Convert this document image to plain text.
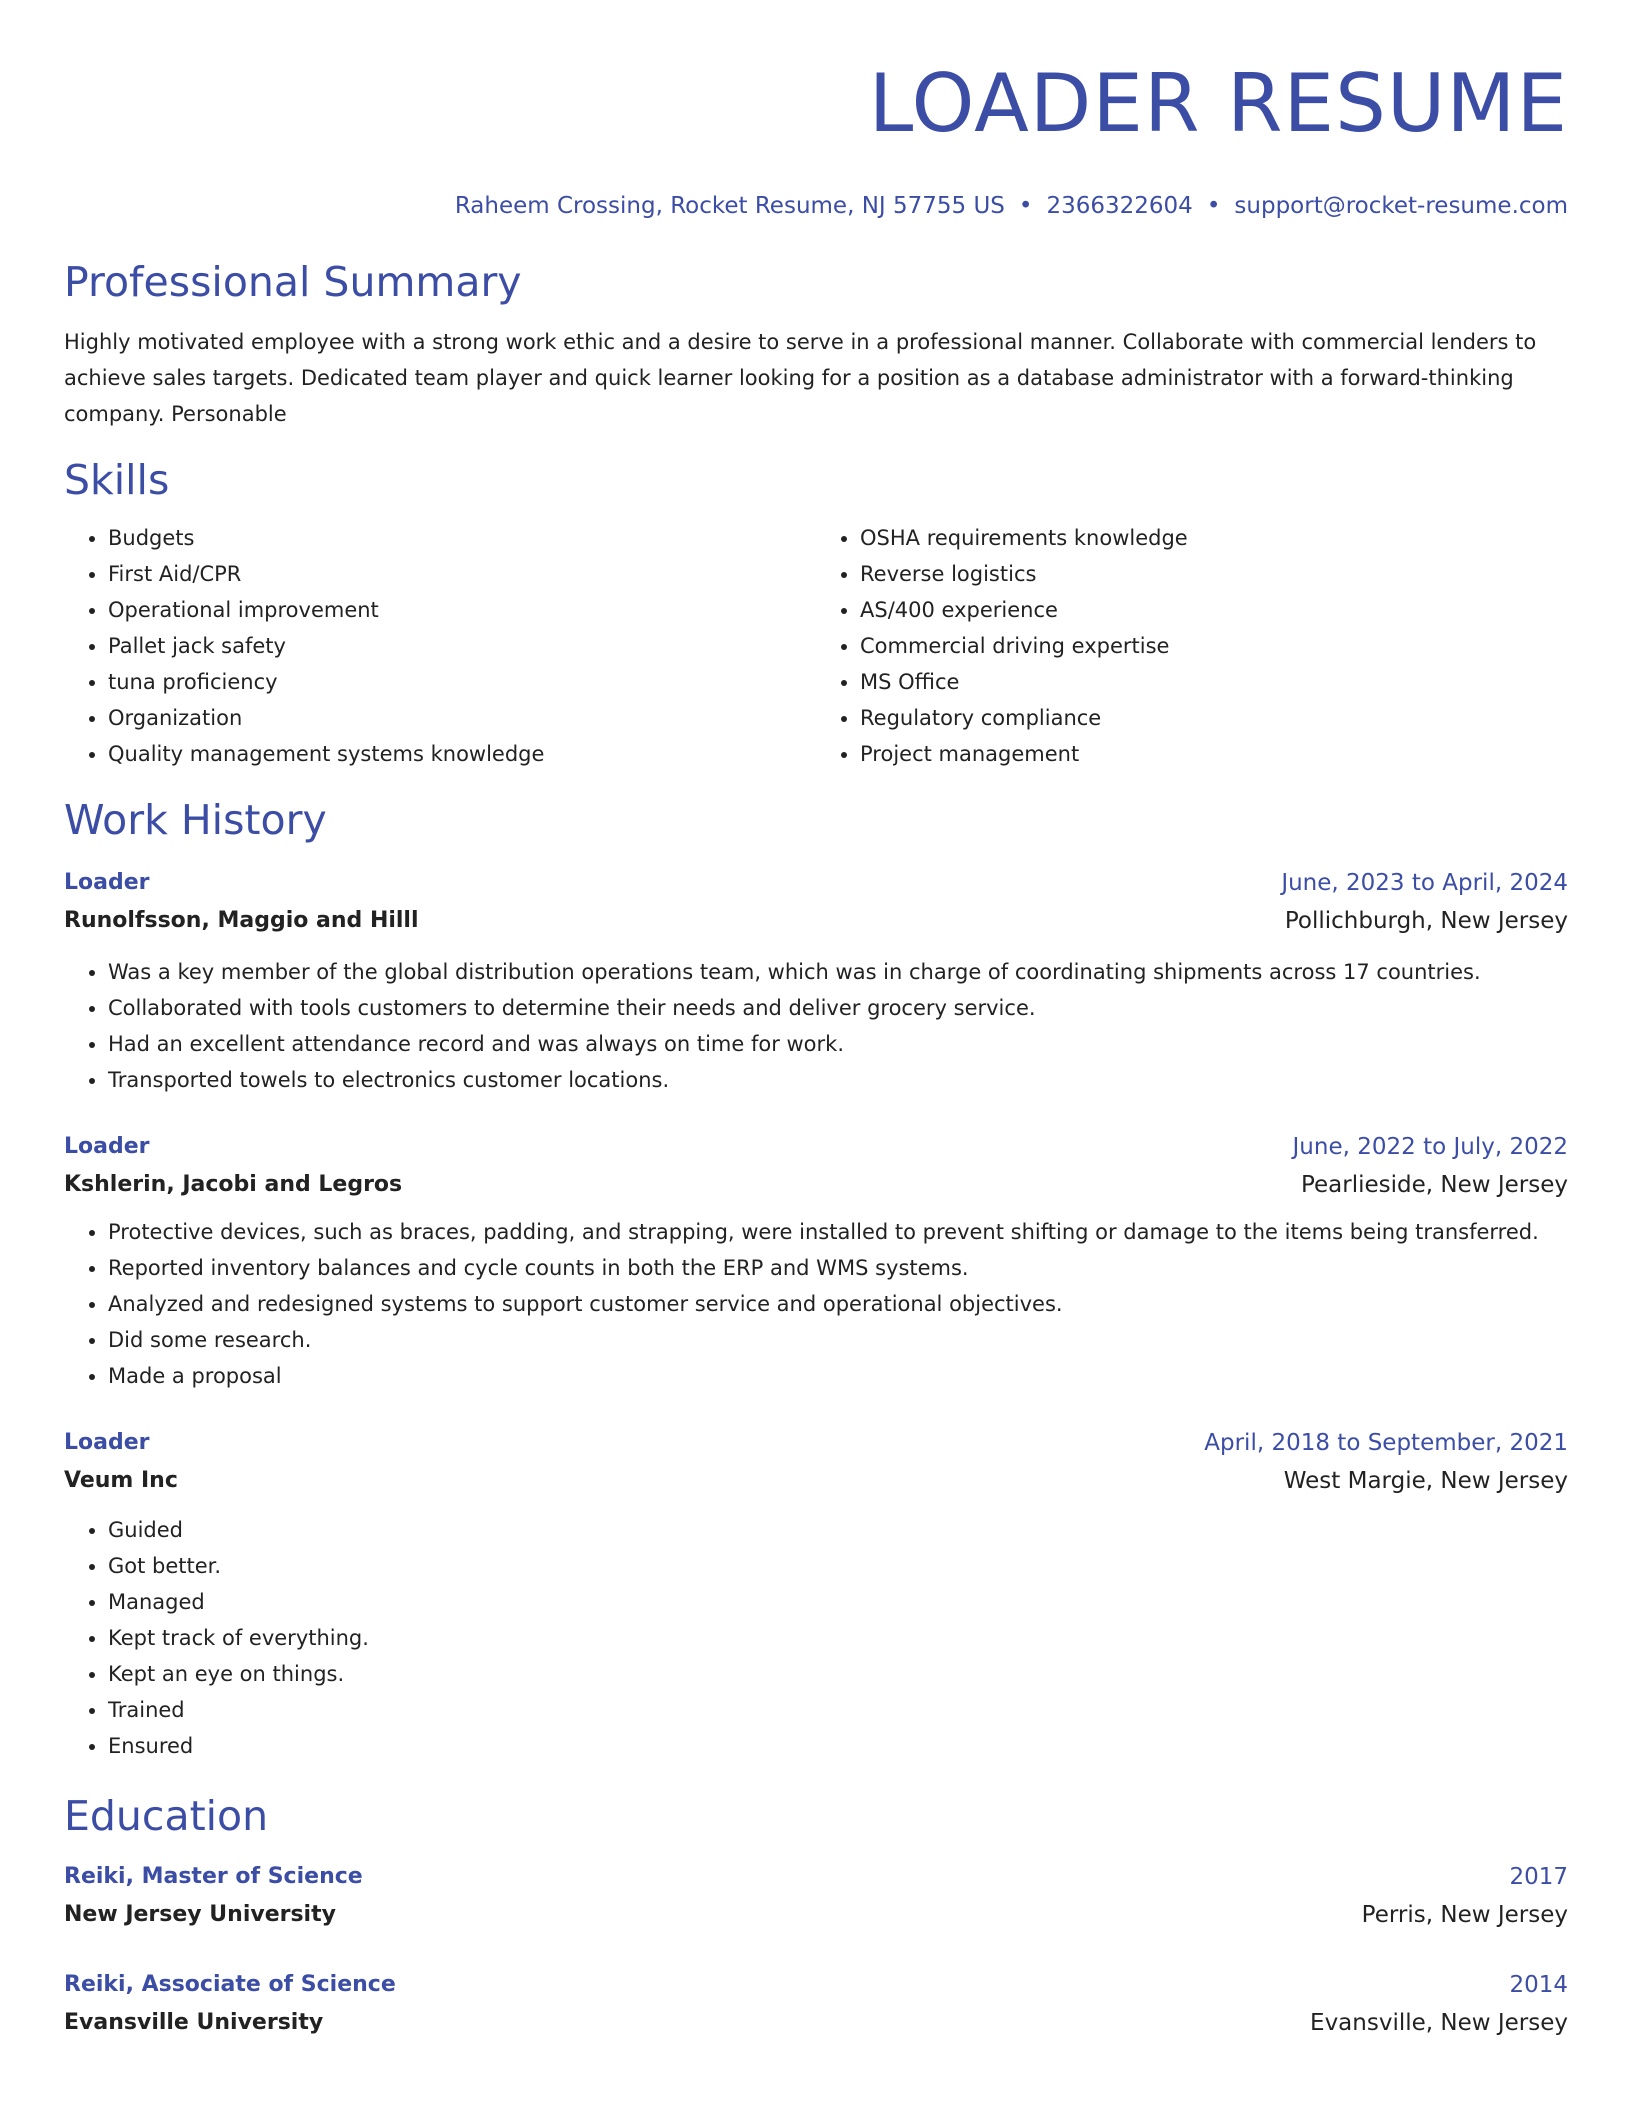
LOADER RESUME
Raheem Crossing, Rocket Resume, NJ 57755 US • 2366322604 • support@rocket-resume.com
Professional Summary
Highly motivated employee with a strong work ethic and a desire to serve in a professional manner. Collaborate with commercial lenders to achieve sales targets. Dedicated team player and quick learner looking for a position as a database administrator with a forward-thinking company. Personable
Skills
• Budgets
• First Aid/CPR
• Operational improvement
• Pallet jack safety
• tuna proficiency
• Organization
• Quality management systems knowledge
• OSHA requirements knowledge
• Reverse logistics
• AS/400 experience
• Commercial driving expertise
• MS Office
• Regulatory compliance
• Project management
Work History
Loader	June, 2023 to April, 2024
Runolfsson, Maggio and Hilll	Pollichburgh, New Jersey
• Was a key member of the global distribution operations team, which was in charge of coordinating shipments across 17 countries.
• Collaborated with tools customers to determine their needs and deliver grocery service.
• Had an excellent attendance record and was always on time for work.
• Transported towels to electronics customer locations.
Loader	June, 2022 to July, 2022
Kshlerin, Jacobi and Legros	Pearlieside, New Jersey
• Protective devices, such as braces, padding, and strapping, were installed to prevent shifting or damage to the items being transferred.
• Reported inventory balances and cycle counts in both the ERP and WMS systems.
• Analyzed and redesigned systems to support customer service and operational objectives.
• Did some research.
• Made a proposal
Loader	April, 2018 to September, 2021
Veum Inc	West Margie, New Jersey
• Guided
• Got better.
• Managed
• Kept track of everything.
• Kept an eye on things.
• Trained
• Ensured
Education
Reiki, Master of Science	2017
New Jersey University	Perris, New Jersey
Reiki, Associate of Science	2014
Evansville University	Evansville, New Jersey
